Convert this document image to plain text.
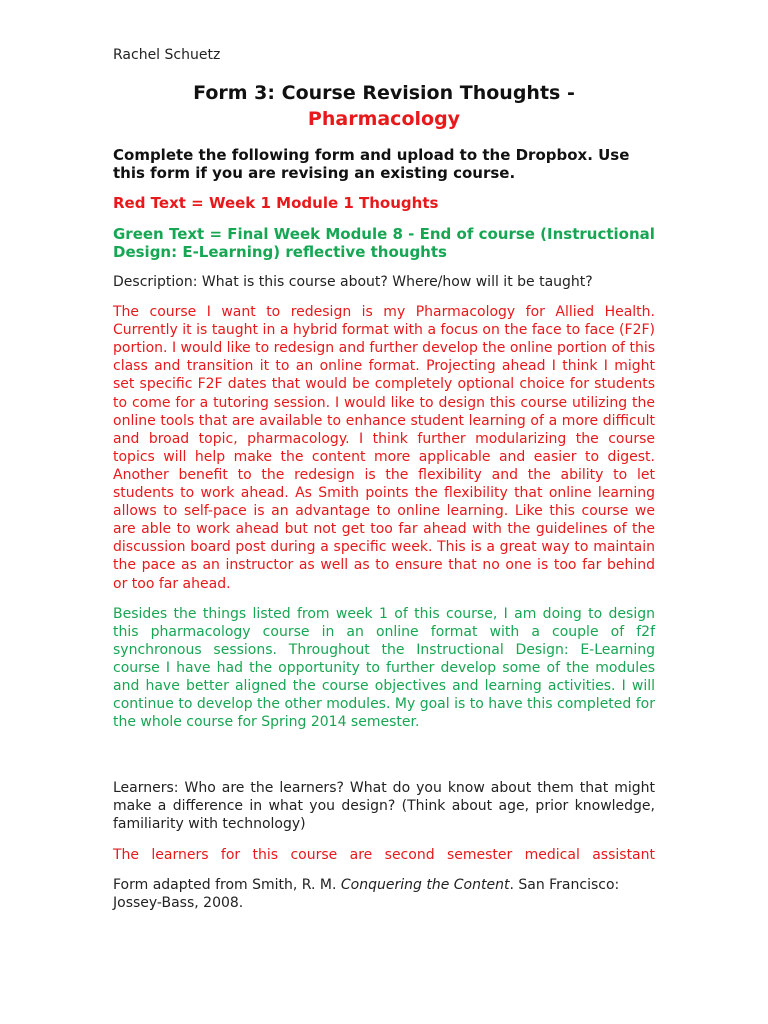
Rachel Schuetz
Form 3: Course Revision Thoughts -
Pharmacology
Complete the following form and upload to the Dropbox. Use this form if you are revising an existing course.
Red Text = Week 1 Module 1 Thoughts
Green Text = Final Week Module 8 - End of course (Instructional Design: E-Learning) reflective thoughts
Description: What is this course about? Where/how will it be taught?
The course I want to redesign is my Pharmacology for Allied Health. Currently it is taught in a hybrid format with a focus on the face to face (F2F) portion. I would like to redesign and further develop the online portion of this class and transition it to an online format. Projecting ahead I think I might set specific F2F dates that would be completely optional choice for students to come for a tutoring session. I would like to design this course utilizing the online tools that are available to enhance student learning of a more difficult and broad topic, pharmacology. I think further modularizing the course topics will help make the content more applicable and easier to digest. Another benefit to the redesign is the flexibility and the ability to let students to work ahead. As Smith points the flexibility that online learning allows to self-pace is an advantage to online learning. Like this course we are able to work ahead but not get too far ahead with the guidelines of the discussion board post during a specific week. This is a great way to maintain the pace as an instructor as well as to ensure that no one is too far behind or too far ahead.
Besides the things listed from week 1 of this course, I am doing to design this pharmacology course in an online format with a couple of f2f synchronous sessions. Throughout the Instructional Design: E-Learning course I have had the opportunity to further develop some of the modules and have better aligned the course objectives and learning activities. I will continue to develop the other modules. My goal is to have this completed for the whole course for Spring 2014 semester.
Learners: Who are the learners? What do you know about them that might make a difference in what you design? (Think about age, prior knowledge, familiarity with technology)
The learners for this course are second semester medical assistant
Form adapted from Smith, R. M. Conquering the Content. San Francisco: Jossey-Bass, 2008.
